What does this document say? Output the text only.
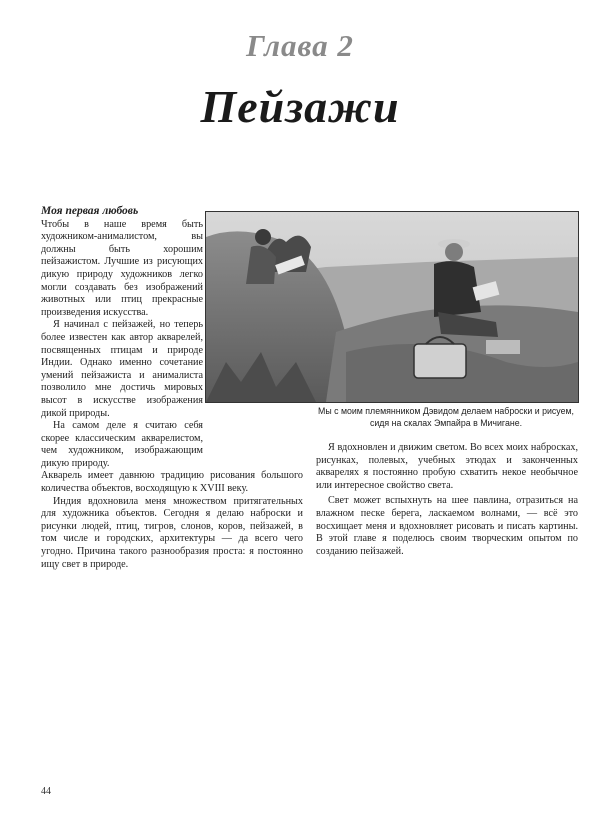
Глава 2
Пейзажи
Моя первая любовь

Чтобы в наше время быть художником-анималистом, вы должны быть хорошим пейзажистом. Лучшие из рисующих дикую природу художников легко могли создавать без изображений животных или птиц прекрасные произведения искусства.

Я начинал с пейзажей, но теперь более известен как автор акварелей, посвященных птицам и природе Индии. Однако именно сочетание умений пейзажиста и анималиста позволило мне достичь мировых высот в искусстве изображения дикой природы.

На самом деле я считаю себя скорее классическим акварелистом, чем художником, изображающим дикую природу.

Акварель имеет давнюю традицию рисования большого количества объектов, восходящую к XVIII веку.

Индия вдохновила меня множеством притягательных для художника объектов. Сегодня я делаю наброски и рисунки людей, птиц, тигров, слонов, коров, пейзажей, в том числе и городских, архитектуры — да всего чего угодно. Причина такого разнообразия проста: я постоянно ищу свет в природе.

Мы с моим племянником Дэвидом делаем наброски и рисуем, сидя на скалах Эмпайра в Мичигане.

Я вдохновлен и движим светом. Во всех моих набросках, рисунках, полевых, учебных этюдах и законченных акварелях я постоянно пробую схватить некое необычное или интересное свойство света.

Свет может вспыхнуть на шее павлина, отразиться на влажном песке берега, ласкаемом волнами, — всё это восхищает меня и вдохновляет рисовать и писать картины. В этой главе я поделюсь своим творческим опытом по созданию пейзажей.

44
